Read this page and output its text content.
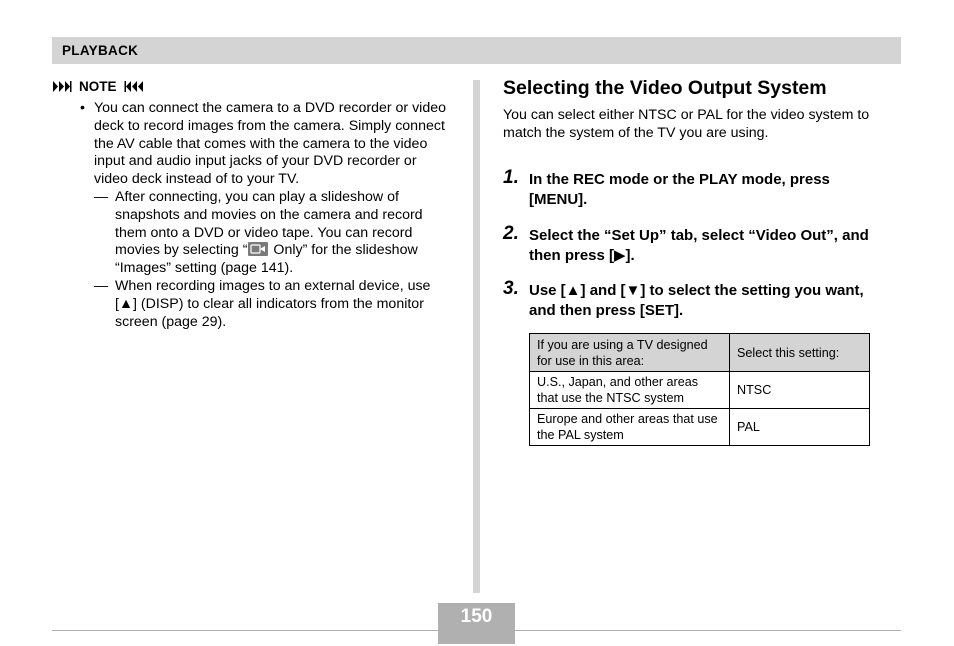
PLAYBACK
NOTE
• You can connect the camera to a DVD recorder or video deck to record images from the camera. Simply connect the AV cable that comes with the camera to the video input and audio input jacks of your DVD recorder or video deck instead of to your TV.
— After connecting, you can play a slideshow of snapshots and movies on the camera and record them onto a DVD or video tape. You can record movies by selecting “
Only” for the slideshow “Images” setting (page 141).
— When recording images to an external device, use [▲] (DISP) to clear all indicators from the monitor screen (page 29).
Selecting the Video Output System
You can select either NTSC or PAL for the video system to match the system of the TV you are using.
1. In the REC mode or the PLAY mode, press [MENU].
2. Select the “Set Up” tab, select “Video Out”, and then press [▶].
3. Use [▲] and [▼] to select the setting you want, and then press [SET].
If you are using a TV designed for use in this area:	Select this setting:
U.S., Japan, and other areas that use the NTSC system	NTSC
Europe and other areas that use the PAL system	PAL
150
